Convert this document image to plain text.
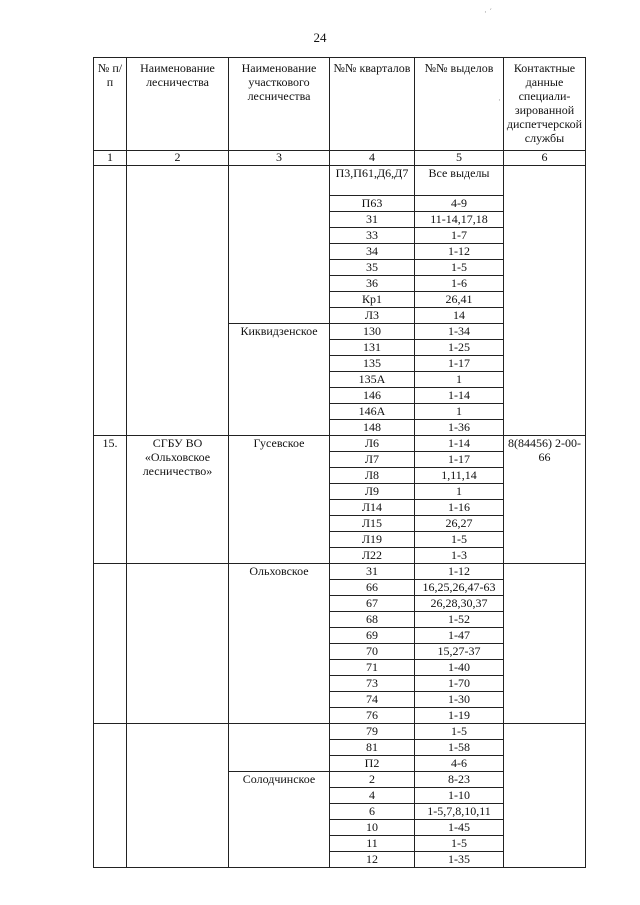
24
№ п/п	Наименование лесничества	Наименование участкового лесничества	№№ кварталов	№№ выделов	Контактные данные специали-зированной диспетчерской службы
1	2	3	4	5	6
			П3,П61,Д6,Д7	Все выделы	
			П63	4-9	
			31	11-14,17,18	
			33	1-7	
			34	1-12	
			35	1-5	
			36	1-6	
			Кр1	26,41	
			Л3	14	
		Киквидзенское	130	1-34	
			131	1-25	
			135	1-17	
			135А	1	
			146	1-14	
			146А	1	
			148	1-36	
15.	СГБУ ВО «Ольховское лесничество»	Гусевское	Л6	1-14	8(84456) 2-00-66
			Л7	1-17	
			Л8	1,11,14	
			Л9	1	
			Л14	1-16	
			Л15	26,27	
			Л19	1-5	
			Л22	1-3	
		Ольховское	31	1-12	
			66	16,25,26,47-63	
			67	26,28,30,37	
			68	1-52	
			69	1-47	
			70	15,27-37	
			71	1-40	
			73	1-70	
			74	1-30	
			76	1-19	
			79	1-5	
			81	1-58	
			П2	4-6	
		Солодчинское	2	8-23	
			4	1-10	
			6	1-5,7,8,10,11	
			10	1-45	
			11	1-5	
			12	1-35	
· ′
·
